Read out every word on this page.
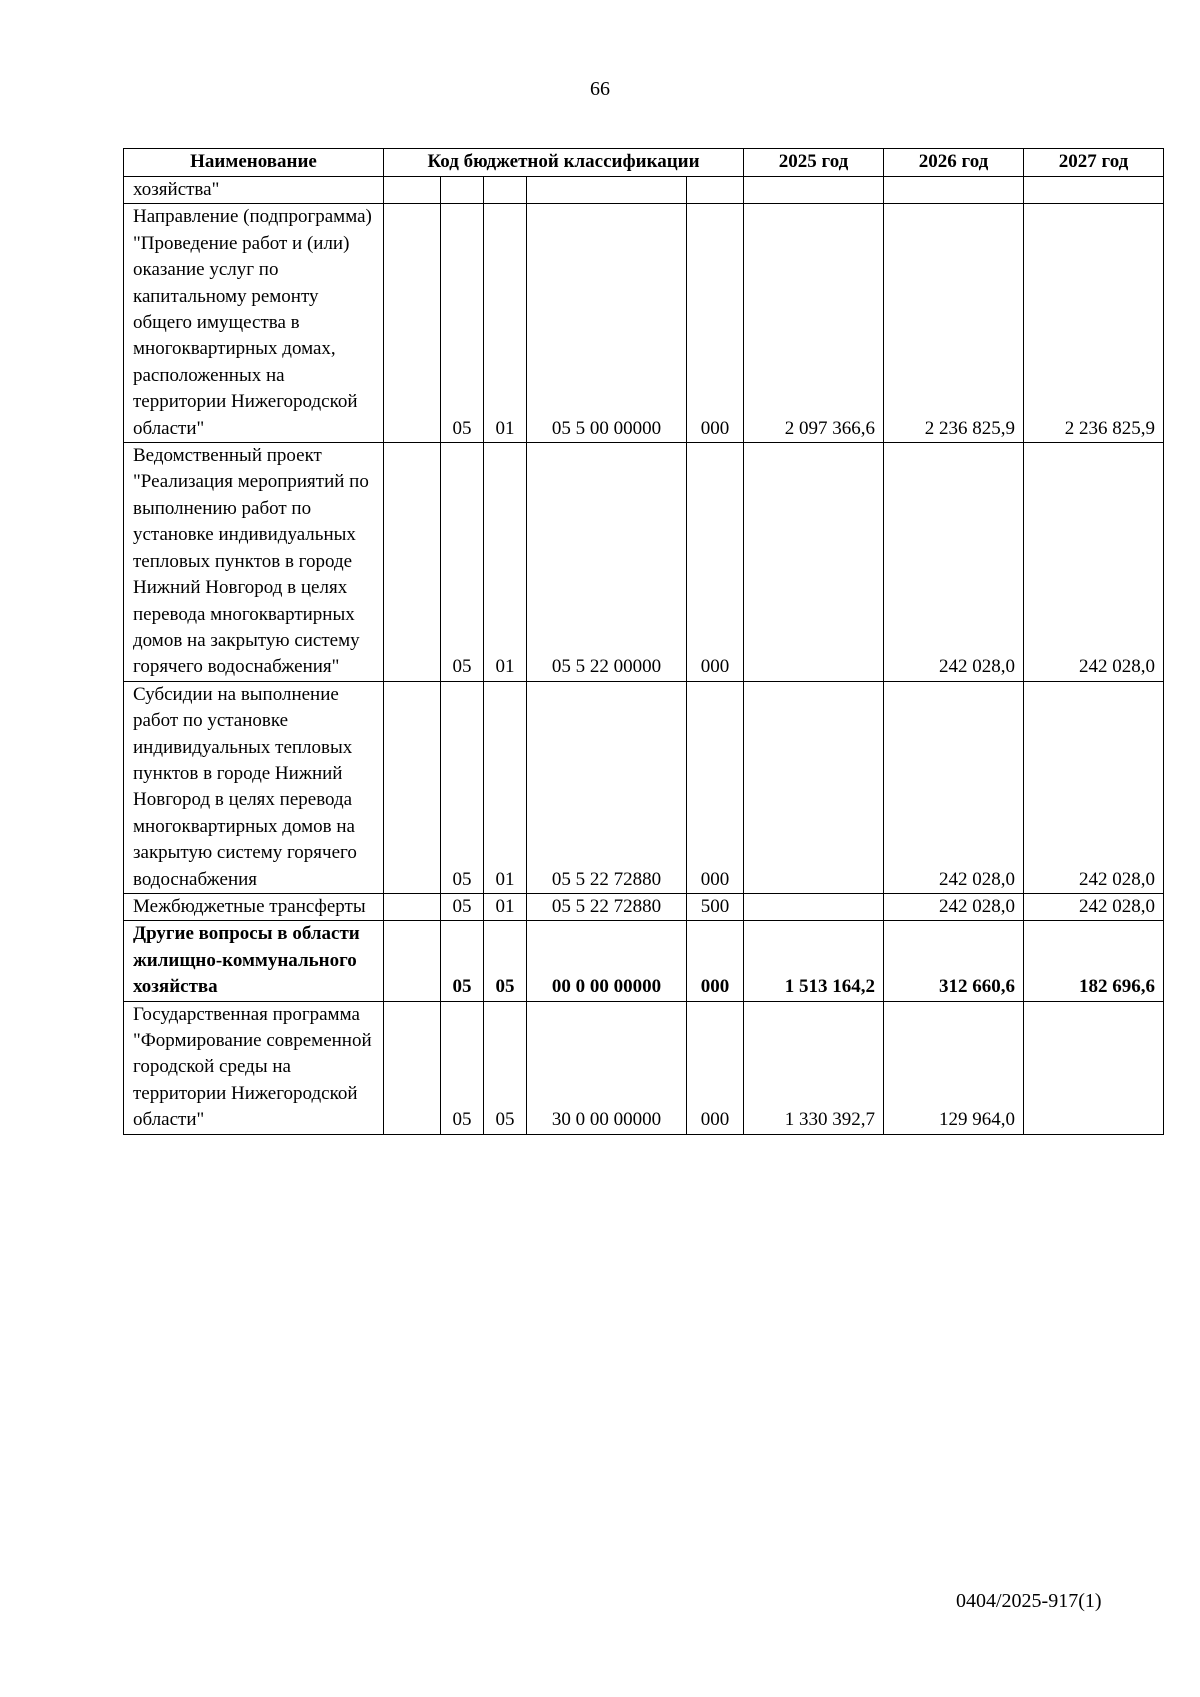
66
Наименование	Код бюджетной классификации					2025 год	2026 год	2027 год
хозяйства"								
Направление (подпрограмма) "Проведение работ и (или) оказание услуг по капитальному ремонту общего имущества в многоквартирных домах, расположенных на территории Нижегородской области"		05	01	05 5 00 00000	000	2 097 366,6	2 236 825,9	2 236 825,9
Ведомственный проект "Реализация мероприятий по выполнению работ по установке индивидуальных тепловых пунктов в городе Нижний Новгород в целях перевода многоквартирных домов на закрытую систему горячего водоснабжения"		05	01	05 5 22 00000	000		242 028,0	242 028,0
Субсидии на выполнение работ по установке индивидуальных тепловых пунктов в городе Нижний Новгород в целях перевода многоквартирных домов на закрытую систему горячего водоснабжения		05	01	05 5 22 72880	000		242 028,0	242 028,0
Межбюджетные трансферты		05	01	05 5 22 72880	500		242 028,0	242 028,0
Другие вопросы в области жилищно-коммунального хозяйства		05	05	00 0 00 00000	000	1 513 164,2	312 660,6	182 696,6
Государственная программа "Формирование современной городской среды на территории Нижегородской области"		05	05	30 0 00 00000	000	1 330 392,7	129 964,0	
0404/2025-917(1)
